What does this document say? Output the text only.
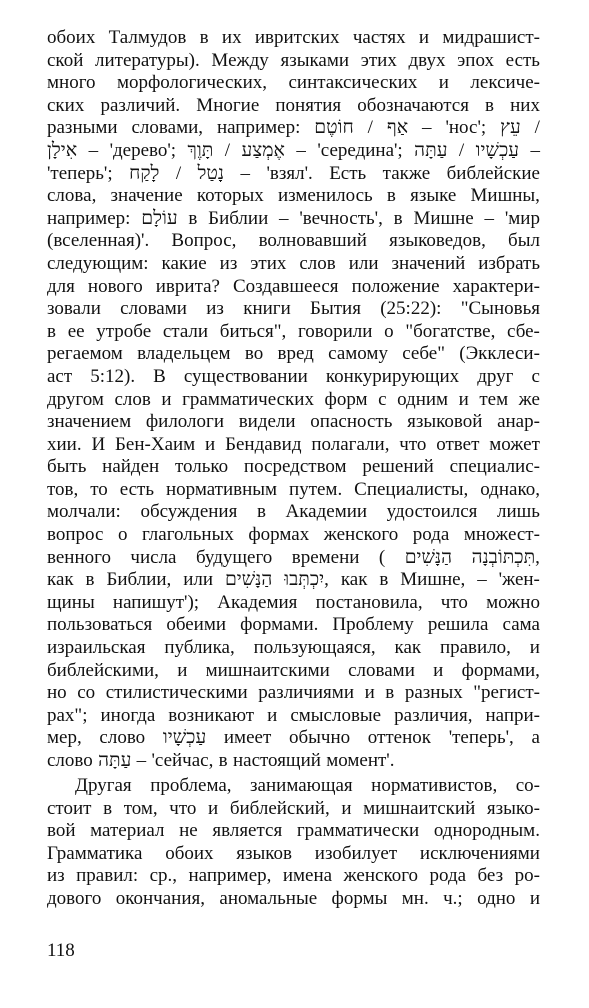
обоих Талмудов в их ивритских частях и мидрашист-
ской литературы). Между языками этих двух эпох есть
много морфологических, синтаксических и лексиче-
ских различий. Многие понятия обозначаются в них
разными словами, например: ‏חוֹטֶם‏ / ‏אַף‏ – 'нос'; ‏עֵץ‏ /
‏אִילָן‏ – 'дерево'; ‏תָּוֶךְ‏ / ‏אֶמְצַע‏ – 'середина'; ‏עַתָּה‏ / ‏עַכְשָׁיו‏ –
'теперь'; ‏לָקַח‏ / ‏נָטַל‏ – 'взял'. Есть также библейские
слова, значение которых изменилось в языке Мишны,
например: ‏עוֹלָם‏ в Библии – 'вечность', в Мишне – 'мир
(вселенная)'. Вопрос, волновавший языковедов, был
следующим: какие из этих слов или значений избрать
для нового иврита? Создавшееся положение характери-
зовали словами из книги Бытия (25:22): "Сыновья
в ее утробе стали биться", говорили о "богатстве, сбе-
регаемом владельцем во вред самому себе" (Экклеси-
аст 5:12). В существовании конкурирующих друг с
другом слов и грамматических форм с одним и тем же
значением филологи видели опасность языковой анар-
хии. И Бен-Хаим и Бендавид полагали, что ответ может
быть найден только посредством решений специалис-
тов, то есть нормативным путем. Специалисты, однако,
молчали: обсуждения в Академии удостоился лишь
вопрос о глагольных формах женского рода множест-
венного числа будущего времени ( ‏הַנָּשִׁים תִּכְתּוֹבְנָה‏,
как в Библии, или ‏הַנָּשִׁים יִכְתְּבוּ‏, как в Мишне, – 'жен-
щины напишут'); Академия постановила, что можно
пользоваться обеими формами. Проблему решила сама
израильская публика, пользующаяся, как правило, и
библейскими, и мишнаитскими словами и формами,
но со стилистическими различиями и в разных "регист-
рах"; иногда возникают и смысловые различия, напри-
мер, слово ‏עַכְשָׁיו‏ имеет обычно оттенок 'теперь', а
слово ‏עַתָּה‏ – 'сейчас, в настоящий момент'.
Другая проблема, занимающая нормативистов, со-
стоит в том, что и библейский, и мишнаитский языко-
вой материал не является грамматически однородным.
Грамматика обоих языков изобилует исключениями
из правил: ср., например, имена женского рода без ро-
дового окончания, аномальные формы мн. ч.; одно и
118
